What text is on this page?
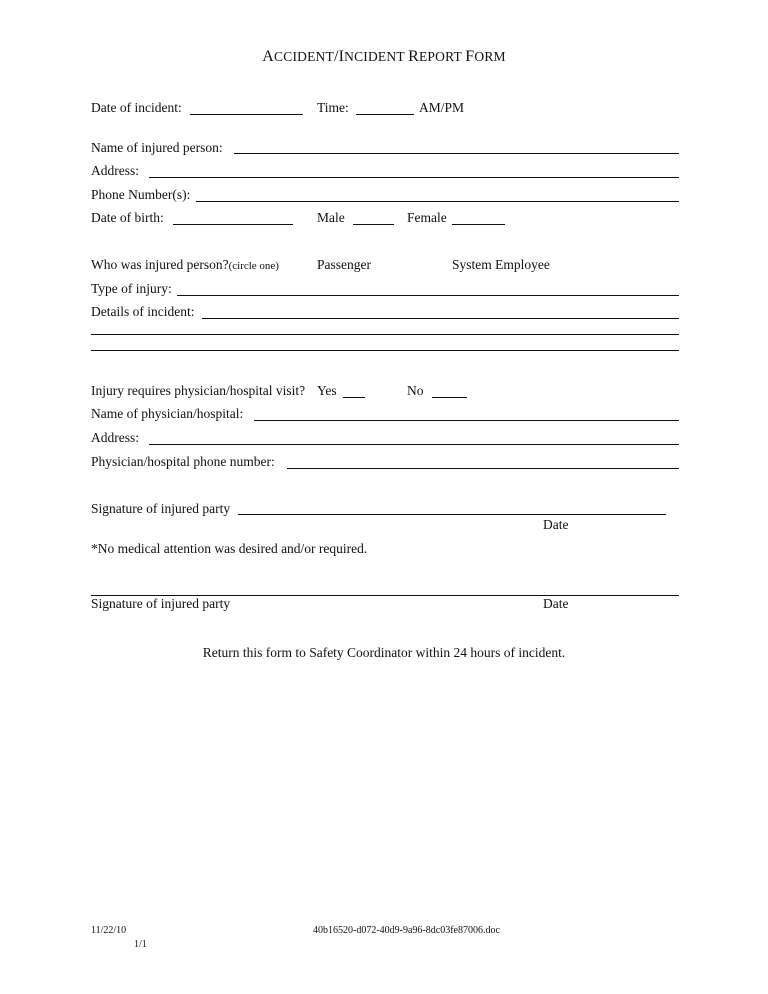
ACCIDENT/INCIDENT REPORT FORM
Date of incident:	Time:	AM/PM
Name of injured person:
Address:
Phone Number(s):
Date of birth:	Male	Female
Who was injured person?(circle one)	Passenger	System Employee
Type of injury:
Details of incident:
Injury requires physician/hospital visit? Yes	No
Name of physician/hospital:
Address:
Physician/hospital phone number:
Signature of injured party
Date
*No medical attention was desired and/or required.
Signature of injured party	Date
Return this form to Safety Coordinator within 24 hours of incident.
11/22/10	40b16520-d072-40d9-9a96-8dc03fe87006.doc
1/1
